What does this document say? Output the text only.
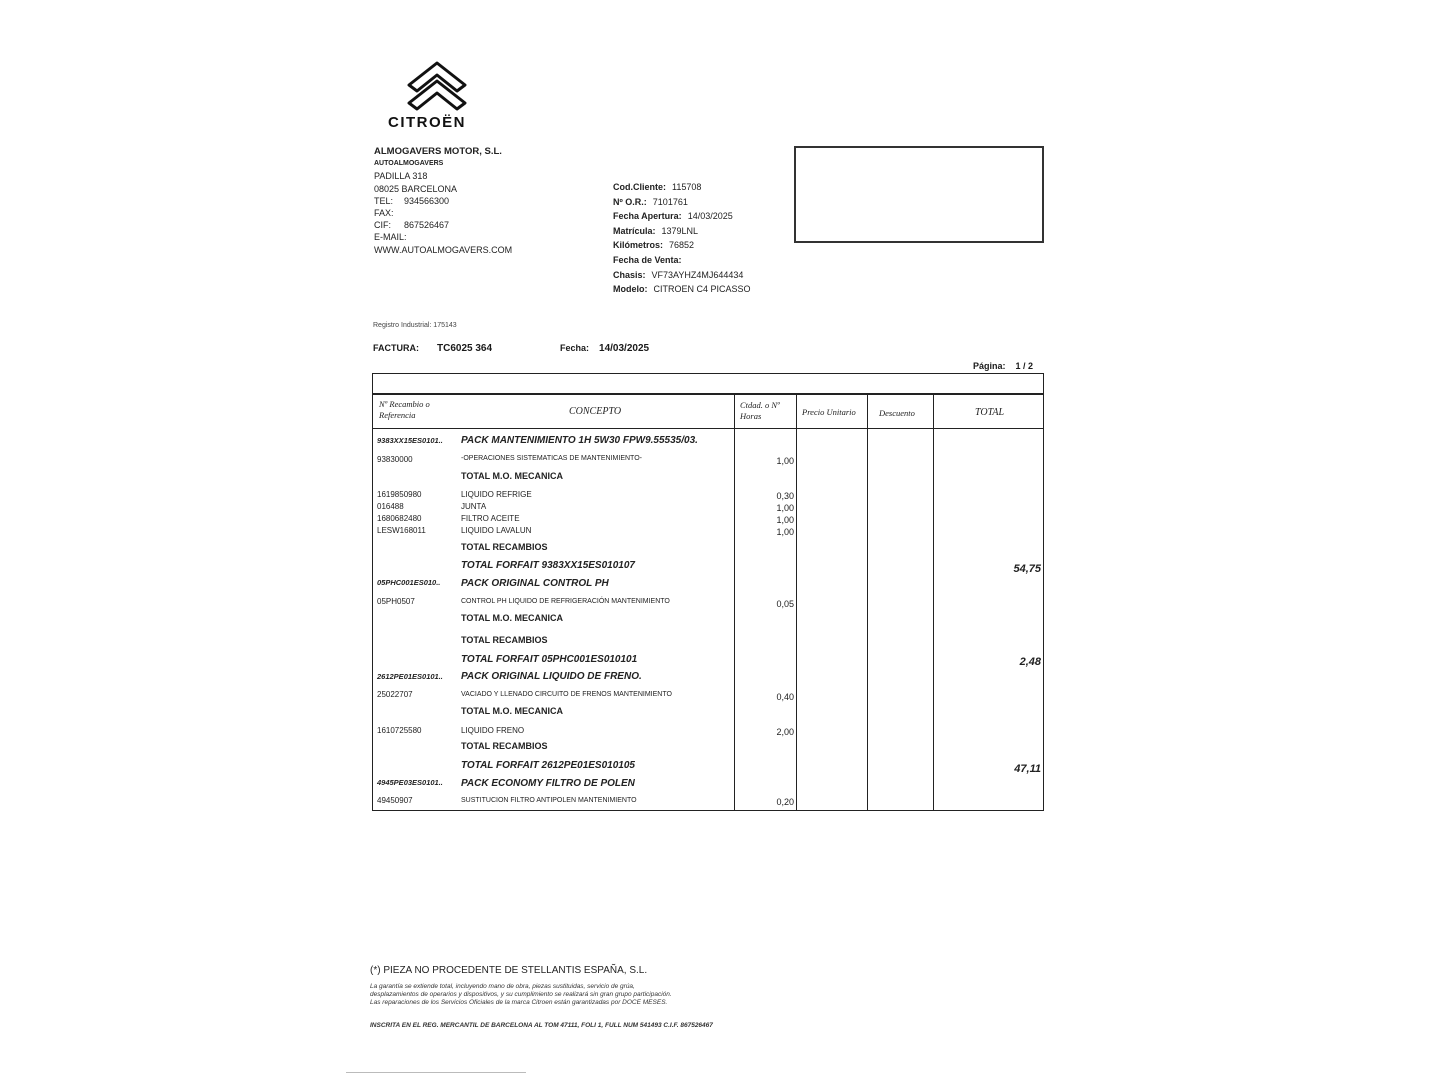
CITROËN
ALMOGAVERS MOTOR, S.L.
AUTOALMOGAVERS
PADILLA 318
08025 BARCELONA
TEL: 934566300
FAX:
CIF: 867526467
E-MAIL:
WWW.AUTOALMOGAVERS.COM
Cod.Cliente: 115708
Nº O.R.: 7101761
Fecha Apertura: 14/03/2025
Matrícula: 1379LNL
Kilómetros: 76852
Fecha de Venta:
Chasis: VF73AYHZ4MJ644434
Modelo: CITROEN C4 PICASSO
Registro Industrial: 175143
FACTURA: TC6025 364	Fecha: 14/03/2025
Página: 1 / 2
Nº Recambio o Referencia	CONCEPTO
Ctdad. o Nº Horas	Precio Unitario	Descuento	TOTAL
9383XX15ES0101.. PACK MANTENIMIENTO 1H 5W30 FPW9.55535/03.
93830000	-OPERACIONES SISTEMATICAS DE MANTENIMIENTO-	1,00
TOTAL M.O. MECANICA
1619850980	LIQUIDO REFRIGE	0,30
016488	JUNTA	1,00
1680682480	FILTRO ACEITE	1,00
LESW168011	LIQUIDO LAVALUN	1,00
TOTAL RECAMBIOS
TOTAL FORFAIT 9383XX15ES010107	54,75
05PHC001ES010.. PACK ORIGINAL CONTROL PH
05PH0507	CONTROL PH LIQUIDO DE REFRIGERACIÓN MANTENIMIENTO	0,05
TOTAL M.O. MECANICA
TOTAL RECAMBIOS
TOTAL FORFAIT 05PHC001ES010101	2,48
2612PE01ES0101.. PACK ORIGINAL LIQUIDO DE FRENO.
25022707	VACIADO Y LLENADO CIRCUITO DE FRENOS MANTENIMIENTO	0,40
TOTAL M.O. MECANICA
1610725580	LIQUIDO FRENO	2,00
TOTAL RECAMBIOS
TOTAL FORFAIT 2612PE01ES010105	47,11
4945PE03ES0101.. PACK ECONOMY FILTRO DE POLEN
49450907	SUSTITUCION FILTRO ANTIPOLEN MANTENIMIENTO	0,20
(*) PIEZA NO PROCEDENTE DE STELLANTIS ESPAÑA, S.L.
La garantía se extiende total, incluyendo mano de obra, piezas sustituidas, servicio de grúa,
desplazamientos de operarios y dispositivos, y su cumplimiento se realizará sin gran grupo participación.
Las reparaciones de los Servicios Oficiales de la marca Citroen están garantizadas por DOCE MESES.
INSCRITA EN EL REG. MERCANTIL DE BARCELONA AL TOM 47111, FOLI 1, FULL NUM 541493 C.I.F. 867526467
